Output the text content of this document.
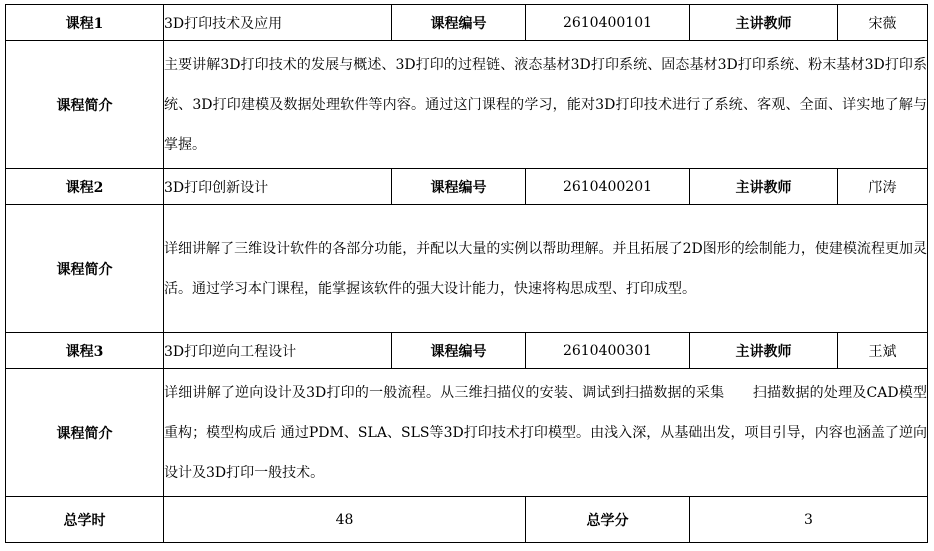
课程1	3D打印技术及应用	课程编号	2610400101	主讲教师	宋薇
课程简介	主要讲解3D打印技术的发展与概述、3D打印的过程链、液态基材3D打印系统、固态基材3D打印系统、粉末基材3D打印系统、3D打印建模及数据处理软件等内容。通过这门课程的学习，能对3D打印技术进行了系统、客观、全面、详实地了解与掌握。				
课程2	3D打印创新设计	课程编号	2610400201	主讲教师	邝涛
课程简介	详细讲解了三维设计软件的各部分功能，并配以大量的实例以帮助理解。并且拓展了2D图形的绘制能力，使建模流程更加灵活。通过学习本门课程，能掌握该软件的强大设计能力，快速将构思成型、打印成型。				
课程3	3D打印逆向工程设计	课程编号	2610400301	主讲教师	王斌
课程简介	详细讲解了逆向设计及3D打印的一般流程。从三维扫描仪的安装、调试到扫描数据的采集　　扫描数据的处理及CAD模型重构；模型构成后 通过PDM、SLA、SLS等3D打印技术打印模型。由浅入深，从基础出发，项目引导，内容也涵盖了逆向设计及3D打印一般技术。				
总学时	48		总学分	3	
